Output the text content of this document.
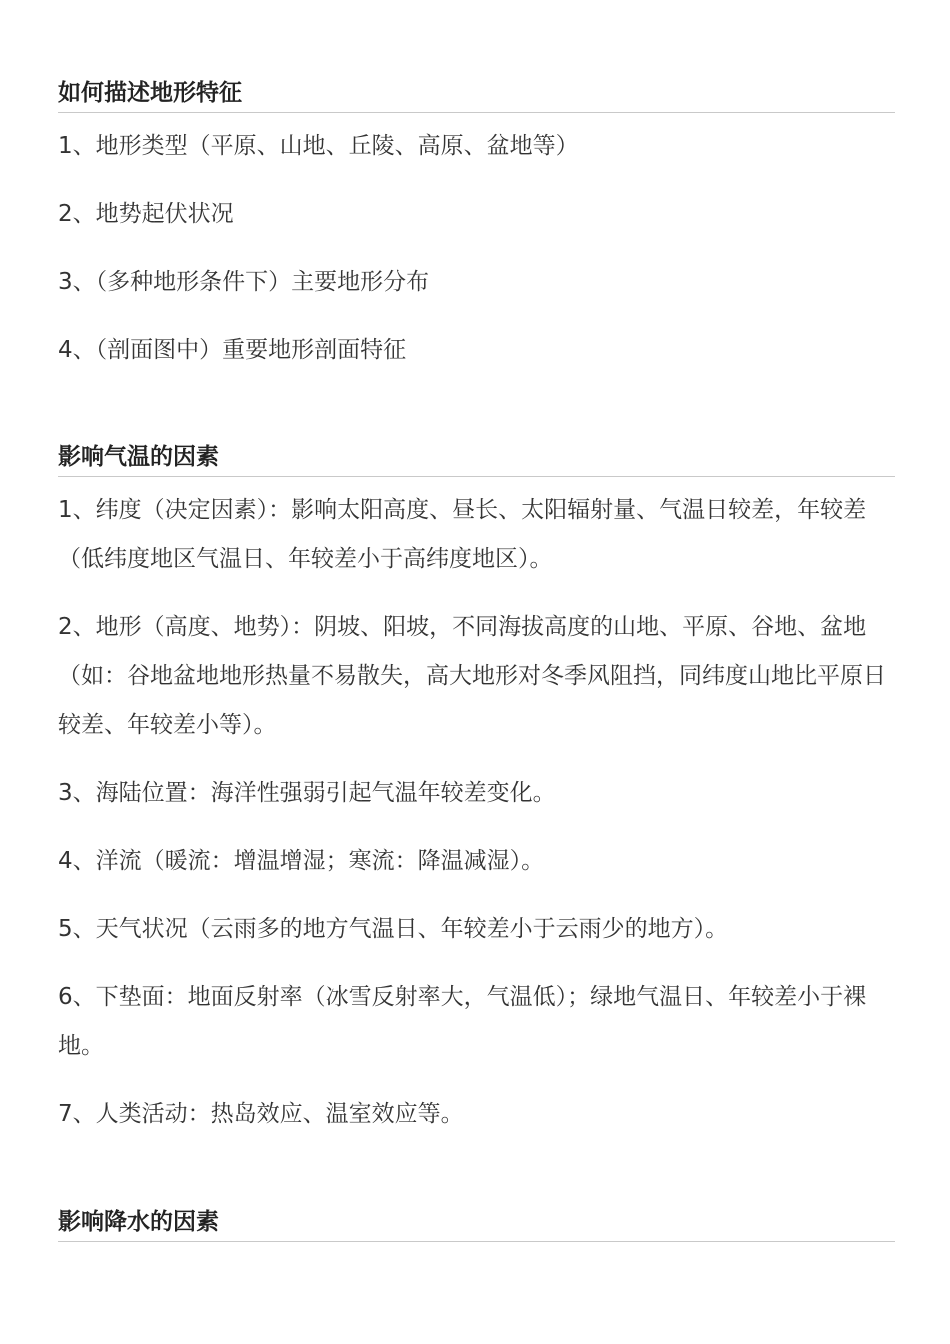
如何描述地形特征

1、地形类型（平原、山地、丘陵、高原、盆地等）

2、地势起伏状况

3、（多种地形条件下）主要地形分布

4、（剖面图中）重要地形剖面特征

影响气温的因素

1、纬度（决定因素）：影响太阳高度、昼长、太阳辐射量、气温日较差，年较差（低纬度地区气温日、年较差小于高纬度地区）。

2、地形（高度、地势）：阴坡、阳坡，不同海拔高度的山地、平原、谷地、盆地（如：谷地盆地地形热量不易散失，高大地形对冬季风阻挡，同纬度山地比平原日较差、年较差小等）。

3、海陆位置：海洋性强弱引起气温年较差变化。

4、洋流（暖流：增温增湿；寒流：降温减湿）。

5、天气状况（云雨多的地方气温日、年较差小于云雨少的地方）。

6、下垫面：地面反射率（冰雪反射率大，气温低）；绿地气温日、年较差小于裸地。

7、人类活动：热岛效应、温室效应等。

影响降水的因素
